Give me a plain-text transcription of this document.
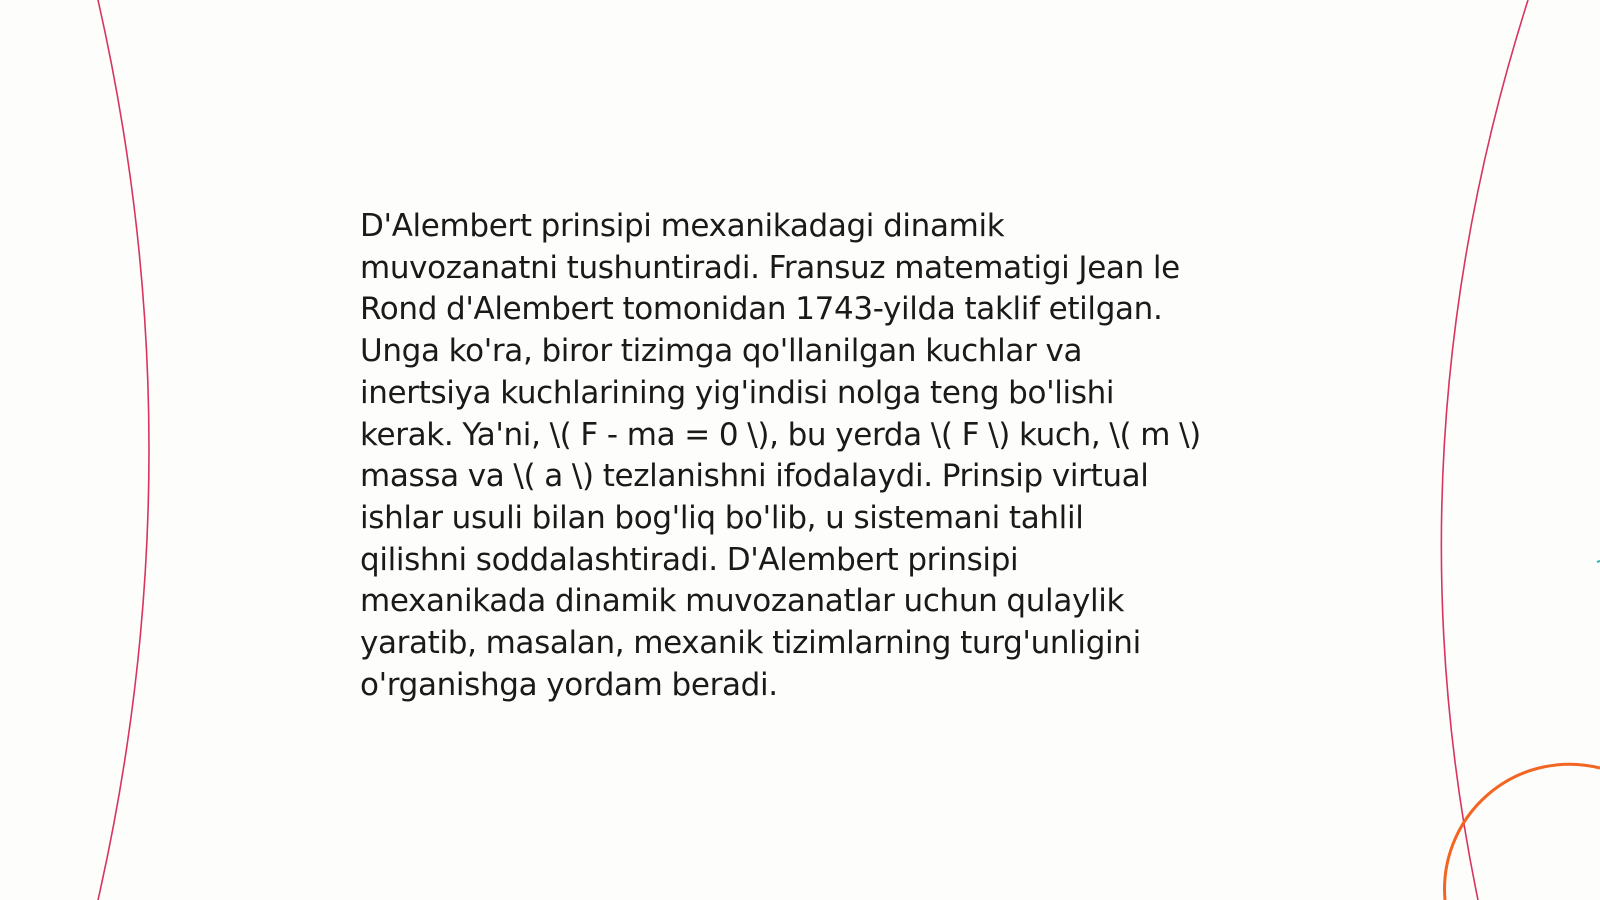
D'Alembert prinsipi mexanikadagi dinamik
muvozanatni tushuntiradi. Fransuz matematigi Jean le
Rond d'Alembert tomonidan 1743-yilda taklif etilgan.
Unga ko'ra, biror tizimga qo'llanilgan kuchlar va
inertsiya kuchlarining yig'indisi nolga teng bo'lishi
kerak. Ya'ni, \( F - ma = 0 \), bu yerda \( F \) kuch, \( m \)
massa va \( a \) tezlanishni ifodalaydi. Prinsip virtual
ishlar usuli bilan bog'liq bo'lib, u sistemani tahlil
qilishni soddalashtiradi. D'Alembert prinsipi
mexanikada dinamik muvozanatlar uchun qulaylik
yaratib, masalan, mexanik tizimlarning turg'unligini
o'rganishga yordam beradi.
